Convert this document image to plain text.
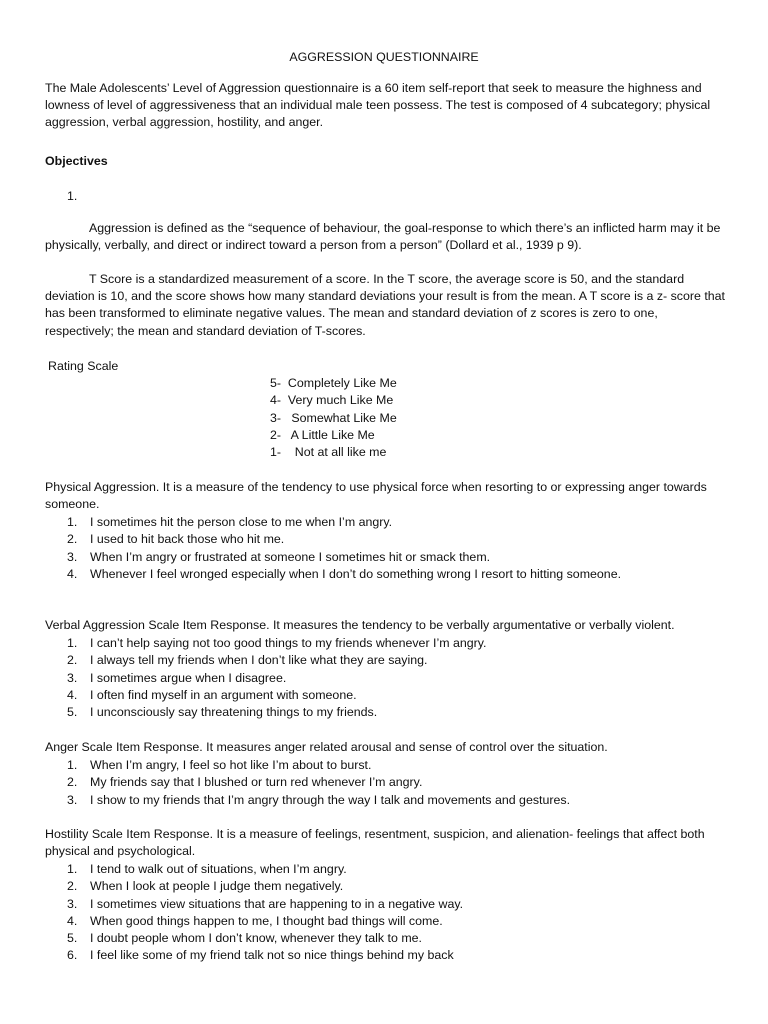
AGGRESSION QUESTIONNAIRE

The Male Adolescents’ Level of Aggression questionnaire is a 60 item self-report that seek to measure the highness and lowness of level of aggressiveness that an individual male teen possess. The test is composed of 4 subcategory; physical aggression, verbal aggression, hostility, and anger.

Objectives
1.

Aggression is defined as the “sequence of behaviour, the goal-response to which there’s an inflicted harm may it be physically, verbally, and direct or indirect toward a person from a person” (Dollard et al., 1939 p 9).

T Score is a standardized measurement of a score. In the T score, the average score is 50, and the standard deviation is 10, and the score shows how many standard deviations your result is from the mean. A T score is a z- score that has been transformed to eliminate negative values. The mean and standard deviation of z scores is zero to one, respectively; the mean and standard deviation of T-scores.

Rating Scale
5-  Completely Like Me
4-  Very much Like Me
3-   Somewhat Like Me
2-   A Little Like Me
1-    Not at all like me

Physical Aggression. It is a measure of the tendency to use physical force when resorting to or expressing anger towards someone.

1. I sometimes hit the person close to me when I’m angry.
2. I used to hit back those who hit me.
3. When I’m angry or frustrated at someone I sometimes hit or smack them.
4. Whenever I feel wronged especially when I don’t do something wrong I resort to hitting someone.

Verbal Aggression Scale Item Response. It measures the tendency to be verbally argumentative or verbally violent.

1. I can’t help saying not too good things to my friends whenever I’m angry.
2. I always tell my friends when I don’t like what they are saying.
3. I sometimes argue when I disagree.
4. I often find myself in an argument with someone.
5. I unconsciously say threatening things to my friends.

Anger Scale Item Response. It measures anger related arousal and sense of control over the situation.

1. When I’m angry, I feel so hot like I’m about to burst.
2. My friends say that I blushed or turn red whenever I’m angry.
3. I show to my friends that I’m angry through the way I talk and movements and gestures.

Hostility Scale Item Response. It is a measure of feelings, resentment, suspicion, and alienation- feelings that affect both physical and psychological.

1. I tend to walk out of situations, when I’m angry.
2. When I look at people I judge them negatively.
3. I sometimes view situations that are happening to in a negative way.
4. When good things happen to me, I thought bad things will come.
5. I doubt people whom I don’t know, whenever they talk to me.
6. I feel like some of my friend talk not so nice things behind my back
